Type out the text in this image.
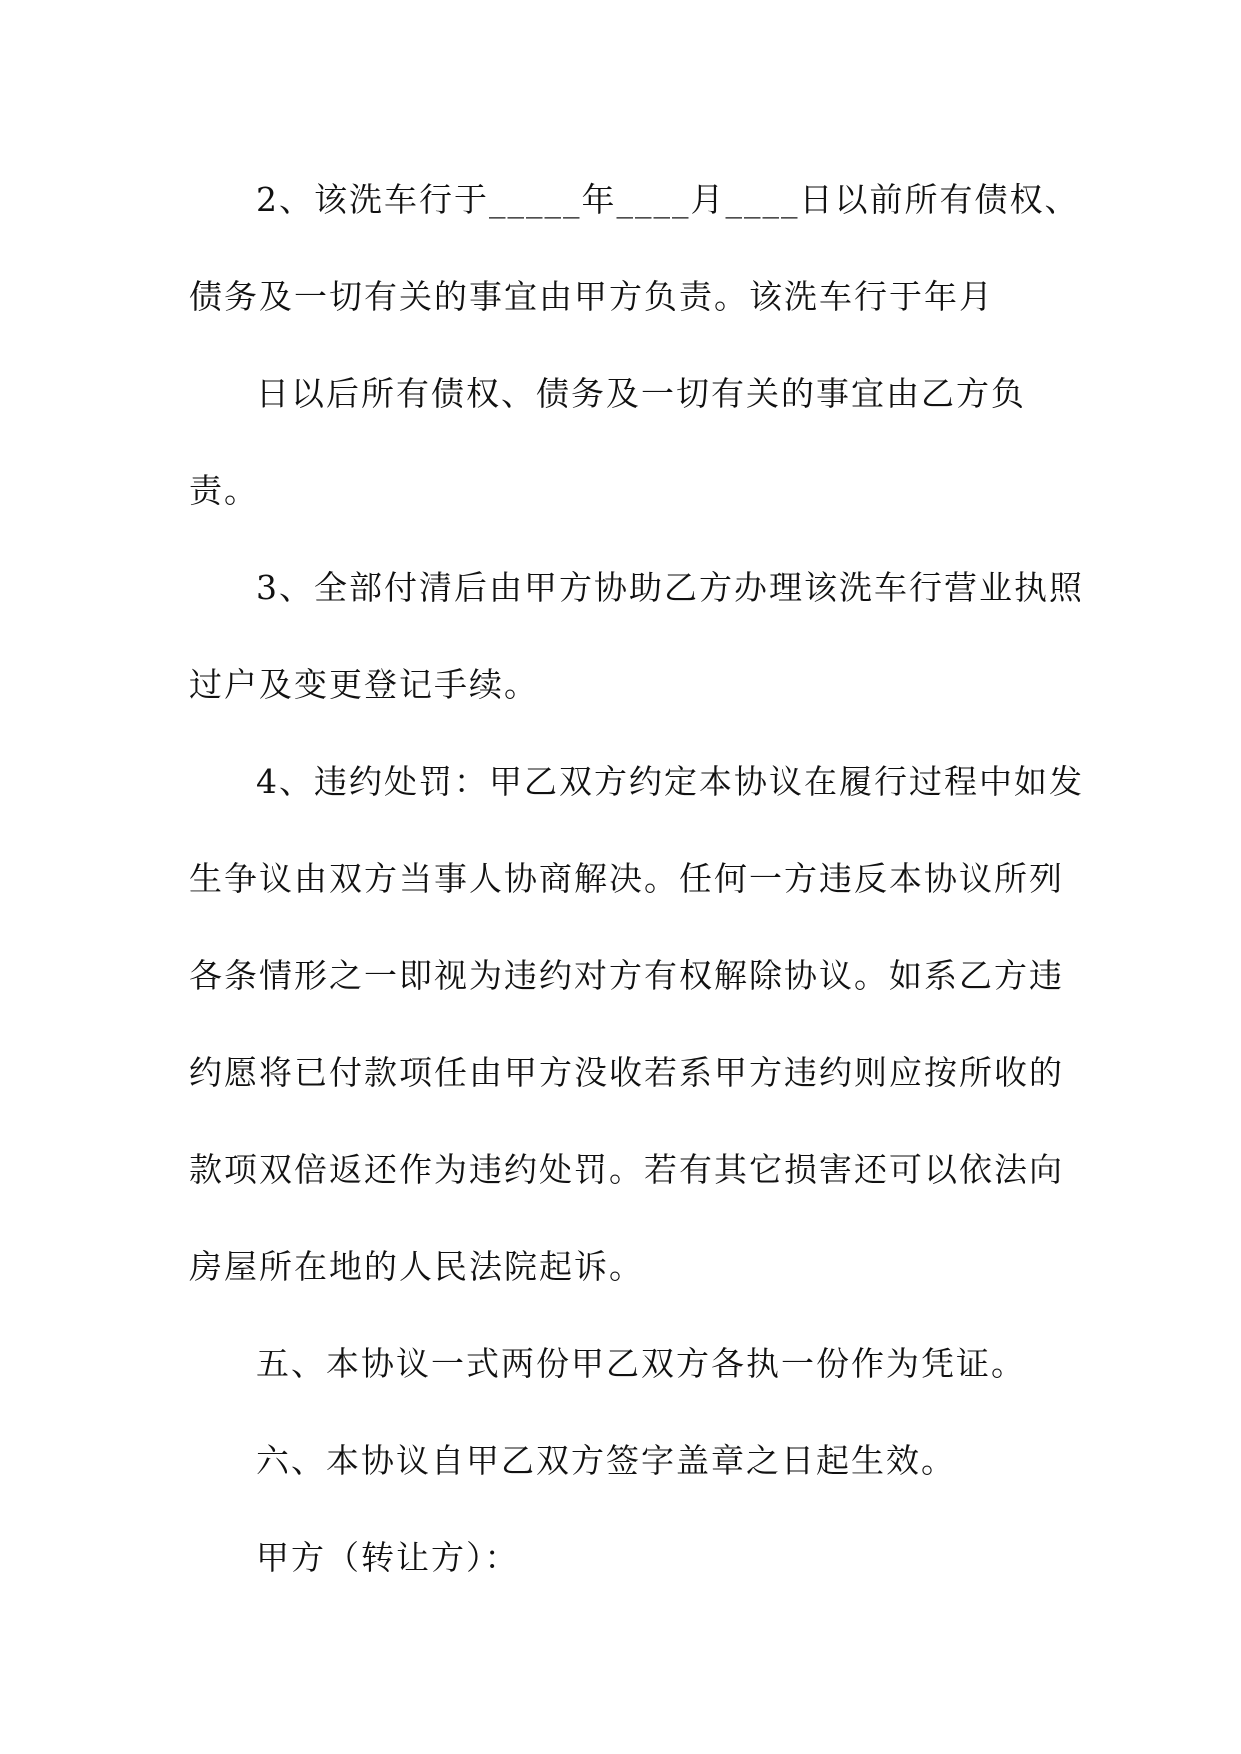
2、该洗车行于_____年____月____日以前所有债权、
债务及一切有关的事宜由甲方负责。该洗车行于年月
日以后所有债权、债务及一切有关的事宜由乙方负
责。
3、全部付清后由甲方协助乙方办理该洗车行营业执照
过户及变更登记手续。
4、违约处罚：甲乙双方约定本协议在履行过程中如发
生争议由双方当事人协商解决。任何一方违反本协议所列
各条情形之一即视为违约对方有权解除协议。如系乙方违
约愿将已付款项任由甲方没收若系甲方违约则应按所收的
款项双倍返还作为违约处罚。若有其它损害还可以依法向
房屋所在地的人民法院起诉。
五、本协议一式两份甲乙双方各执一份作为凭证。
六、本协议自甲乙双方签字盖章之日起生效。
甲方（转让方）：
